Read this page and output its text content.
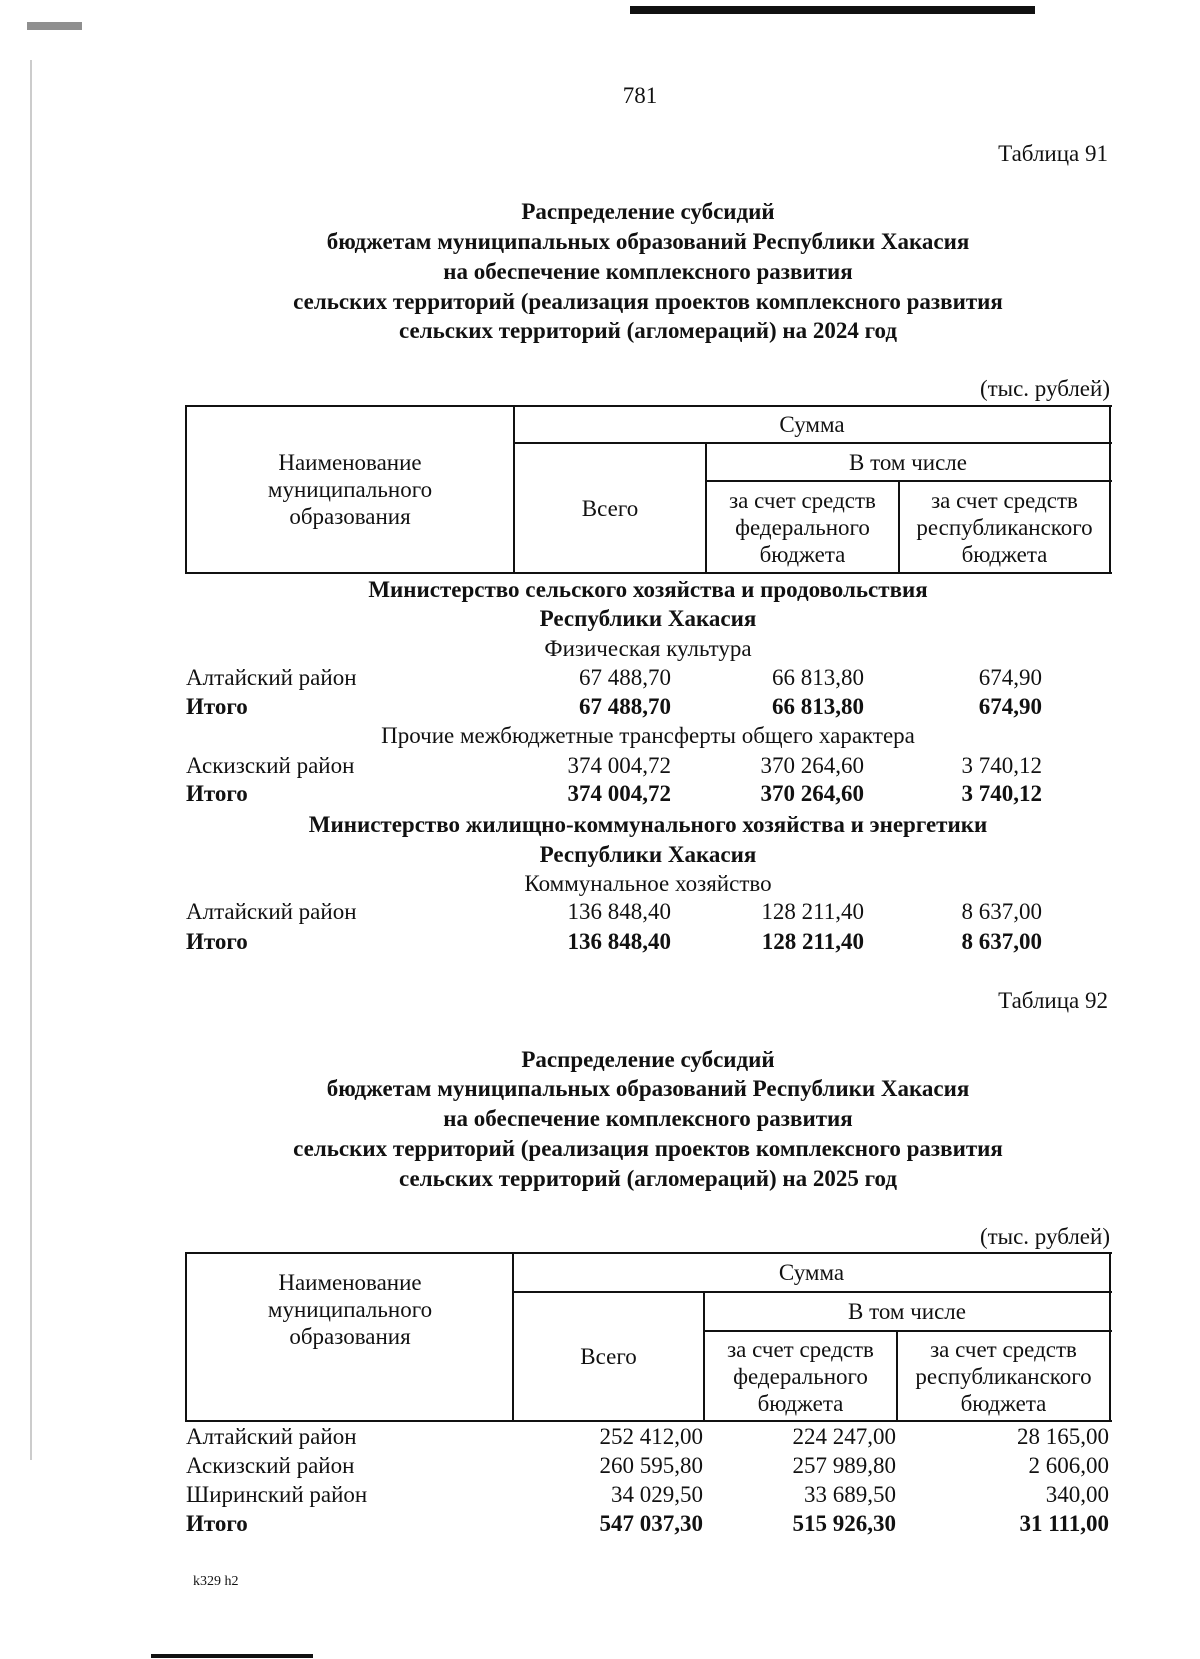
781
Таблица 91
Распределение субсидий
бюджетам муниципальных образований Республики Хакасия
на обеспечение комплексного развития
сельских территорий (реализация проектов комплексного развития
сельских территорий (агломераций) на 2024 год
(тыс. рублей)
Наименование муниципального образования
Сумма
Всего
В том числе
за счет средств федерального бюджета
за счет средств республиканского бюджета
Министерство сельского хозяйства и продовольствия
Республики Хакасия
Физическая культура
Алтайский район	67 488,70	66 813,80	674,90
Итого	67 488,70	66 813,80	674,90
Прочие межбюджетные трансферты общего характера
Аскизский район	374 004,72	370 264,60	3 740,12
Итого	374 004,72	370 264,60	3 740,12
Министерство жилищно-коммунального хозяйства и энергетики
Республики Хакасия
Коммунальное хозяйство
Алтайский район	136 848,40	128 211,40	8 637,00
Итого	136 848,40	128 211,40	8 637,00
Таблица 92
Распределение субсидий
бюджетам муниципальных образований Республики Хакасия
на обеспечение комплексного развития
сельских территорий (реализация проектов комплексного развития
сельских территорий (агломераций) на 2025 год
(тыс. рублей)
Наименование муниципального образования
Сумма
Всего
В том числе
за счет средств федерального бюджета
за счет средств республиканского бюджета
Алтайский район	252 412,00	224 247,00	28 165,00
Аскизский район	260 595,80	257 989,80	2 606,00
Ширинский район	34 029,50	33 689,50	340,00
Итого	547 037,30	515 926,30	31 111,00
k329 h2
